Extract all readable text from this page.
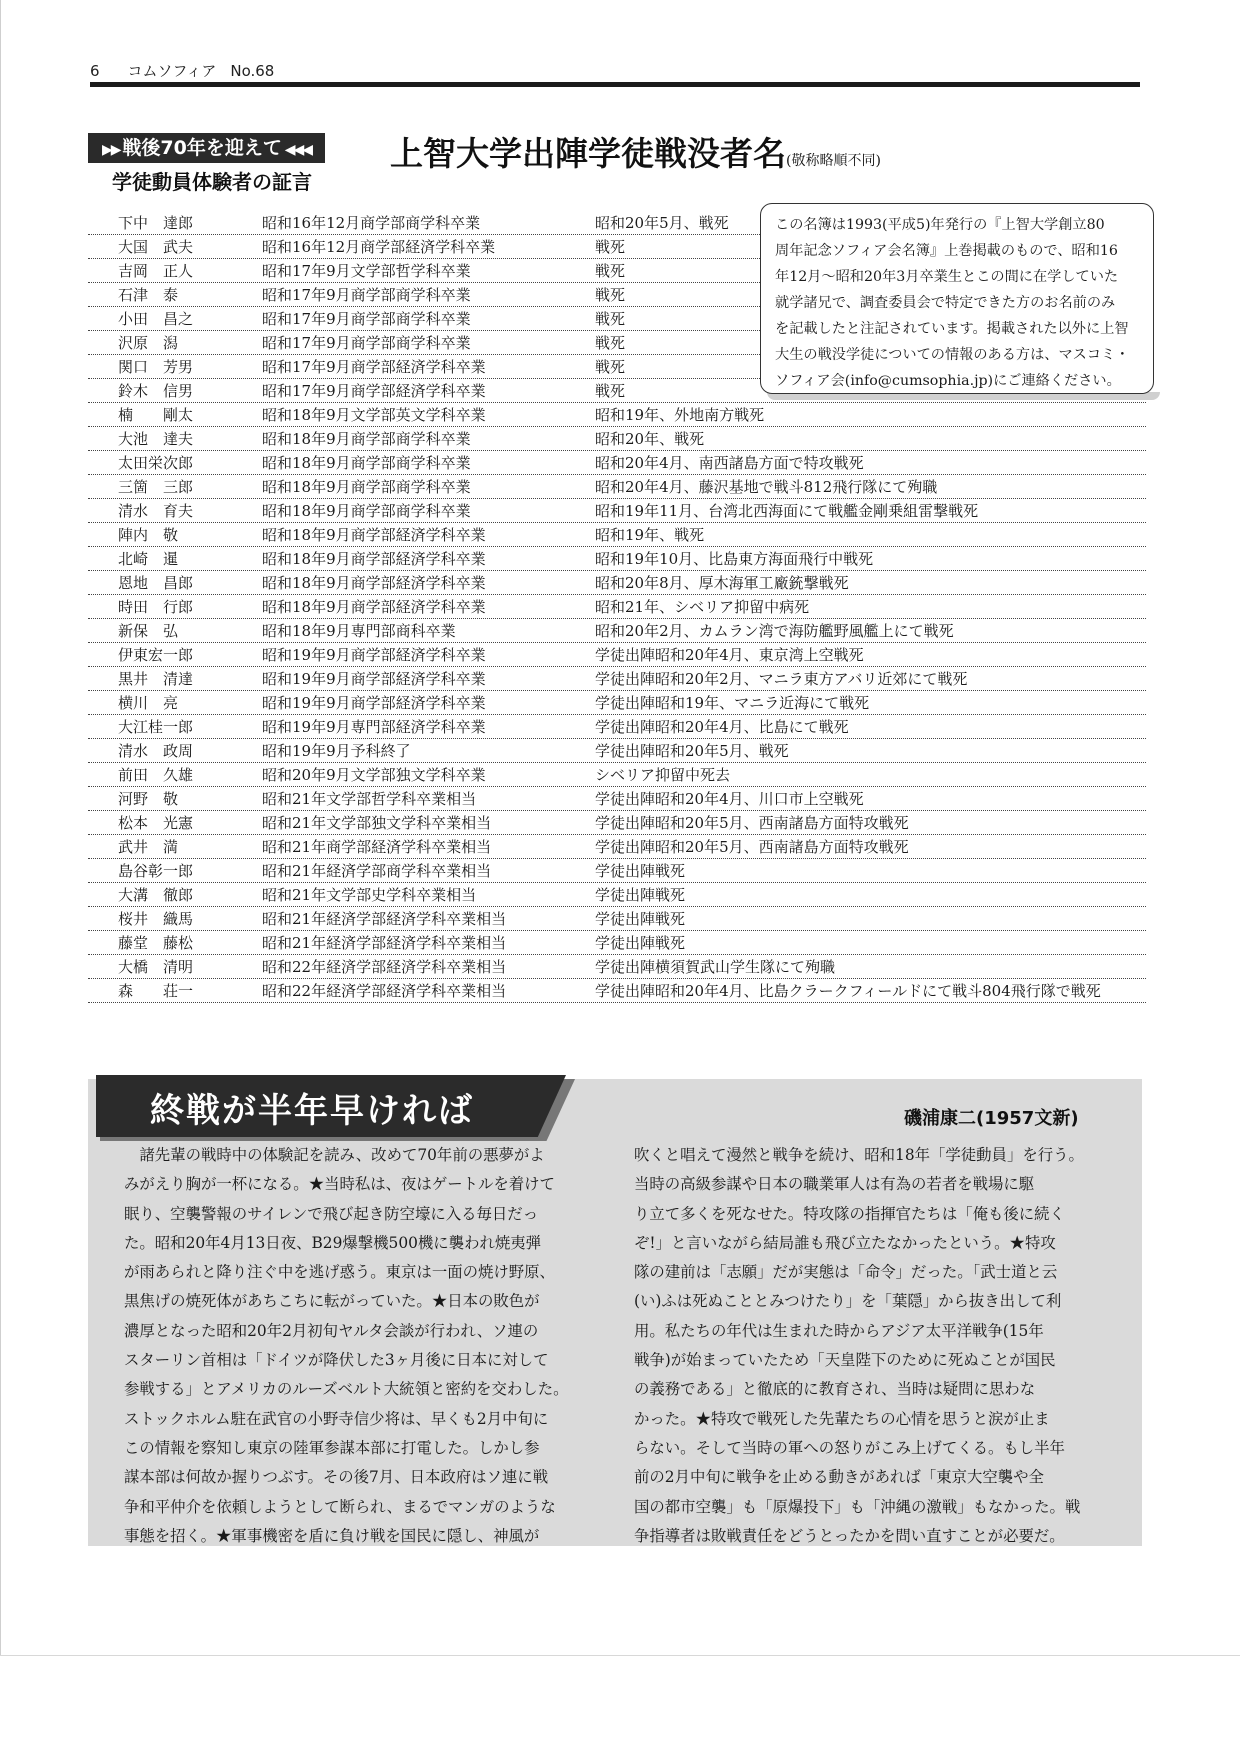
6 コムソフィア No.68
▶▶ 戦後70年を迎えて ◀◀◀	上智大学出陣学徒戦没者名(敬称略順不同)
学徒動員体験者の証言
下中　達郎	昭和16年12月商学部商学科卒業	昭和20年5月、戦死
大国　武夫	昭和16年12月商学部経済学科卒業	戦死
吉岡　正人	昭和17年9月文学部哲学科卒業	戦死
石津　泰	昭和17年9月商学部商学科卒業	戦死
小田　昌之	昭和17年9月商学部商学科卒業	戦死
沢原　潟	昭和17年9月商学部商学科卒業	戦死
関口　芳男	昭和17年9月商学部経済学科卒業	戦死
鈴木　信男	昭和17年9月商学部経済学科卒業	戦死
楠　　剛太	昭和18年9月文学部英文学科卒業	昭和19年、外地南方戦死
大池　達夫	昭和18年9月商学部商学科卒業	昭和20年、戦死
太田栄次郎	昭和18年9月商学部商学科卒業	昭和20年4月、南西諸島方面で特攻戦死
三箇　三郎	昭和18年9月商学部商学科卒業	昭和20年4月、藤沢基地で戦斗812飛行隊にて殉職
清水　育夫	昭和18年9月商学部商学科卒業	昭和19年11月、台湾北西海面にて戦艦金剛乗組雷撃戦死
陣内　敬	昭和18年9月商学部経済学科卒業	昭和19年、戦死
北崎　暹	昭和18年9月商学部経済学科卒業	昭和19年10月、比島東方海面飛行中戦死
恩地　昌郎	昭和18年9月商学部経済学科卒業	昭和20年8月、厚木海軍工廠銃撃戦死
時田　行郎	昭和18年9月商学部経済学科卒業	昭和21年、シベリア抑留中病死
新保　弘	昭和18年9月専門部商科卒業	昭和20年2月、カムラン湾で海防艦野風艦上にて戦死
伊東宏一郎	昭和19年9月商学部経済学科卒業	学徒出陣昭和20年4月、東京湾上空戦死
黒井　清達	昭和19年9月商学部経済学科卒業	学徒出陣昭和20年2月、マニラ東方アバリ近郊にて戦死
横川　亮	昭和19年9月商学部経済学科卒業	学徒出陣昭和19年、マニラ近海にて戦死
大江桂一郎	昭和19年9月専門部経済学科卒業	学徒出陣昭和20年4月、比島にて戦死
清水　政周	昭和19年9月予科終了	学徒出陣昭和20年5月、戦死
前田　久雄	昭和20年9月文学部独文学科卒業	シベリア抑留中死去
河野　敬	昭和21年文学部哲学科卒業相当	学徒出陣昭和20年4月、川口市上空戦死
松本　光憲	昭和21年文学部独文学科卒業相当	学徒出陣昭和20年5月、西南諸島方面特攻戦死
武井　満	昭和21年商学部経済学科卒業相当	学徒出陣昭和20年5月、西南諸島方面特攻戦死
島谷彰一郎	昭和21年経済学部商学科卒業相当	学徒出陣戦死
大溝　徹郎	昭和21年文学部史学科卒業相当	学徒出陣戦死
桜井　織馬	昭和21年経済学部経済学科卒業相当	学徒出陣戦死
藤堂　藤松	昭和21年経済学部経済学科卒業相当	学徒出陣戦死
大橋　清明	昭和22年経済学部経済学科卒業相当	学徒出陣横須賀武山学生隊にて殉職
森　　荘一	昭和22年経済学部経済学科卒業相当	学徒出陣昭和20年4月、比島クラークフィールドにて戦斗804飛行隊で戦死
この名簿は1993(平成5)年発行の『上智大学創立80
周年記念ソフィア会名簿』上巻掲載のもので、昭和16
年12月〜昭和20年3月卒業生とこの間に在学していた
就学諸兄で、調査委員会で特定できた方のお名前のみ
を記載したと注記されています。掲載された以外に上智
大生の戦没学徒についての情報のある方は、マスコミ・
ソフィア会(info@cumsophia.jp)にご連絡ください。
終戦が半年早ければ	磯浦康二(1957文新)
　諸先輩の戦時中の体験記を読み、改めて70年前の悪夢がよ
みがえり胸が一杯になる。★当時私は、夜はゲートルを着けて
眠り、空襲警報のサイレンで飛び起き防空壕に入る毎日だっ
た。昭和20年4月13日夜、B29爆撃機500機に襲われ焼夷弾
が雨あられと降り注ぐ中を逃げ惑う。東京は一面の焼け野原、
黒焦げの焼死体があちこちに転がっていた。★日本の敗色が
濃厚となった昭和20年2月初旬ヤルタ会談が行われ、ソ連の
スターリン首相は「ドイツが降伏した3ヶ月後に日本に対して
参戦する」とアメリカのルーズベルト大統領と密約を交わした。
ストックホルム駐在武官の小野寺信少将は、早くも2月中旬に
この情報を察知し東京の陸軍参謀本部に打電した。しかし参
謀本部は何故か握りつぶす。その後7月、日本政府はソ連に戦
争和平仲介を依頼しようとして断られ、まるでマンガのような
事態を招く。★軍事機密を盾に負け戦を国民に隠し、神風が
吹くと唱えて漫然と戦争を続け、昭和18年「学徒動員」を行う。
当時の高級参謀や日本の職業軍人は有為の若者を戦場に駆
り立て多くを死なせた。特攻隊の指揮官たちは「俺も後に続く
ぞ!」と言いながら結局誰も飛び立たなかったという。★特攻
隊の建前は「志願」だが実態は「命令」だった。「武士道と云
(い)ふは死ぬこととみつけたり」を「葉隠」から抜き出して利
用。私たちの年代は生まれた時からアジア太平洋戦争(15年
戦争)が始まっていたため「天皇陛下のために死ぬことが国民
の義務である」と徹底的に教育され、当時は疑問に思わな
かった。★特攻で戦死した先輩たちの心情を思うと涙が止ま
らない。そして当時の軍への怒りがこみ上げてくる。もし半年
前の2月中旬に戦争を止める動きがあれば「東京大空襲や全
国の都市空襲」も「原爆投下」も「沖縄の激戦」もなかった。戦
争指導者は敗戦責任をどうとったかを問い直すことが必要だ。
